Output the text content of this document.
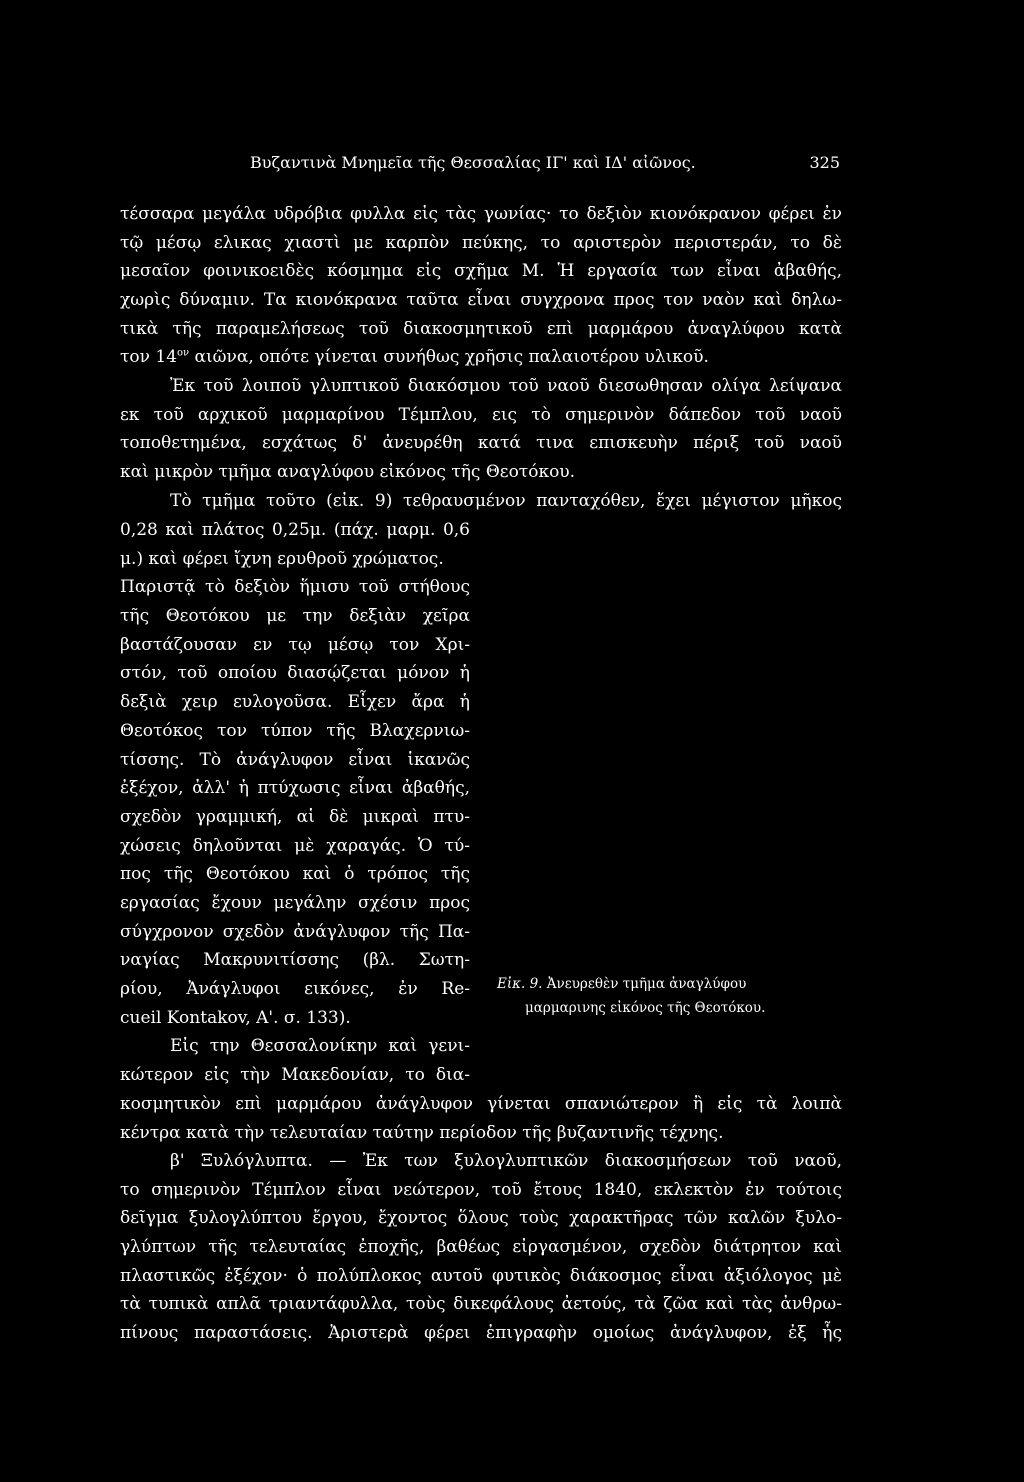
Βυζαντινὰ Μνημεῖα τῆς Θεσσαλίας ΙΓ' καὶ ΙΔ' αἰῶνος.	325
τέσσαρα μεγάλα υδρόβια φυλλα εἰς τὰς γωνίας· το δεξιὸν κιονόκρανον φέρει ἐν
τῷ μέσῳ ελικας χιαστὶ με καρπὸν πεύκης, το αριστερὸν περιστεράν, το δὲ
μεσαῖον φοινικοειδὲς κόσμημα εἰς σχῆμα Μ. Ἡ εργασία των εἶναι ἀβαθής,
χωρὶς δύναμιν. Τα κιονόκρανα ταῦτα εἶναι συγχρονα προς τον ναὸν καὶ δηλω-
τικὰ τῆς παραμελήσεως τοῦ διακοσμητικοῦ επὶ μαρμάρου ἀναγλύφου κατὰ
τον $14^{o\nu}$ αιῶνα, οπότε γίνεται συνήθως χρῆσις παλαιοτέρου υλικοῦ.
Ἐκ τοῦ λοιποῦ γλυπτικοῦ διακόσμου τοῦ ναοῦ διεσωθησαν ολίγα λείψανα
εκ τοῦ αρχικοῦ μαρμαρίνου Τέμπλου, εις τὸ σημερινὸν δάπεδον τοῦ ναοῦ
τοποθετημένα, εσχάτως δ' ἀνευρέθη κατά τινα επισκευὴν πέριξ τοῦ ναοῦ
καὶ μικρὸν τμῆμα αναγλύφου εἰκόνος τῆς Θεοτόκου.
Τὸ τμῆμα τοῦτο (εἰκ. 9) τεθραυσμένον πανταχόθεν, ἔχει μέγιστον μῆκος
0,28 καὶ πλάτος 0,25μ. (πάχ. μαρμ. 0,6
μ.) καὶ φέρει ἴχνη ερυθροῦ χρώματος.
Παριστᾷ τὸ δεξιὸν ἥμισυ τοῦ στήθους
τῆς Θεοτόκου με την δεξιὰν χεῖρα
βαστάζουσαν εν τῳ μέσῳ τον Χρι-
στόν, τοῦ οποίου διασῴζεται μόνον ἡ
δεξιὰ χειρ ευλογοῦσα. Εἶχεν ἄρα ἡ
Θεοτόκος τον τύπον τῆς Βλαχερνιω-
τίσσης. Τὸ ἀνάγλυφον εἶναι ἱκανῶς
ἐξέχον, ἀλλ' ἡ πτύχωσις εἶναι ἀβαθής,
σχεδὸν γραμμική, αἱ δὲ μικραὶ πτυ-
χώσεις δηλοῦνται μὲ χαραγάς. Ὁ τύ-
πος τῆς Θεοτόκου καὶ ὁ τρόπος τῆς
εργασίας ἔχουν μεγάλην σχέσιν προς
σύγχρονον σχεδὸν ἀνάγλυφον τῆς Πα-
ναγίας Μακρυνιτίσσης (βλ. Σωτη-
ρίου, Ἀνάγλυφοι εικόνες, ἐν Re-
cueil Kontakov, Α'. σ. 133).
Εἰς την Θεσσαλονίκην καὶ γενι-
κώτερον εἰς τὴν Μακεδονίαν, το δια-
Εἰκ. 9. Ἀνευρεθὲν τμῆμα ἀναγλύφου
μαρμαρινης εἰκόνος τῆς Θεοτόκου.
κοσμητικὸν επὶ μαρμάρου ἀνάγλυφον γίνεται σπανιώτερον ἢ εἰς τὰ λοιπὰ
κέντρα κατὰ τὴν τελευταίαν ταύτην περίοδον τῆς βυζαντινῆς τέχνης.
β' Ξυλόγλυπτα. — Ἐκ των ξυλογλυπτικῶν διακοσμήσεων τοῦ ναοῦ,
το σημερινὸν Τέμπλον εἶναι νεώτερον, τοῦ ἔτους 1840, εκλεκτὸν ἐν τούτοις
δεῖγμα ξυλογλύπτου ἔργου, ἔχοντος ὅλους τοὺς χαρακτῆρας τῶν καλῶν ξυλο-
γλύπτων τῆς τελευταίας ἐποχῆς, βαθέως εἰργασμένον, σχεδὸν διάτρητον καὶ
πλαστικῶς ἐξέχον· ὁ πολύπλοκος αυτοῦ φυτικὸς διάκοσμος εἶναι ἀξιόλογος μὲ
τὰ τυπικὰ απλᾶ τριαντάφυλλα, τοὺς δικεφάλους ἀετούς, τὰ ζῶα καὶ τὰς ἀνθρω-
πίνους παραστάσεις. Ἀριστερὰ φέρει ἐπιγραφὴν οµοίως ἀνάγλυφον, ἐξ ἧς
